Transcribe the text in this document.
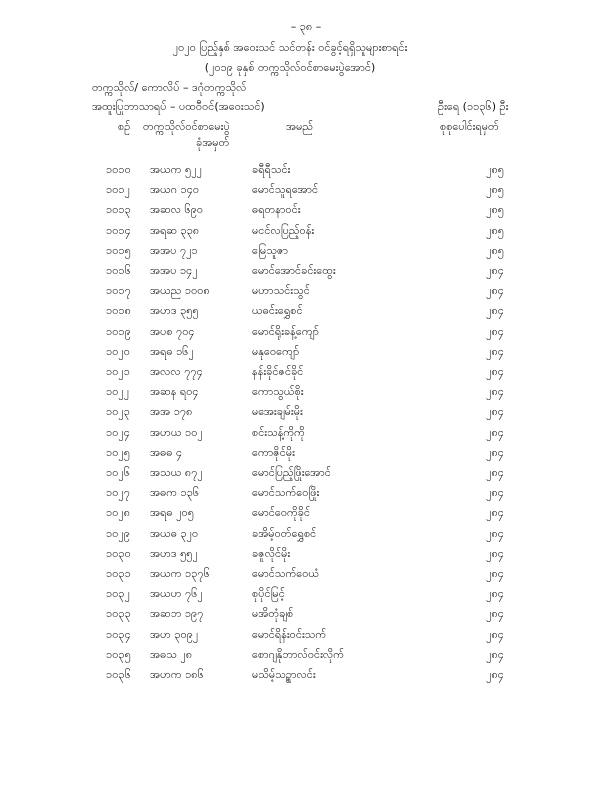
– ၃၈ –
၂၀၂၀ ပြည့်နှစ် အဝေးသင် သင်တန်း ဝင်ခွင့်ရရှိသူများစာရင်း
(၂၀၁၉ ခုနှစ် တက္ကသိုလ်ဝင်စာမေးပွဲအောင်)
တက္ကသိုလ်/ ကောလိပ် – ဒဂုံတက္ကသိုလ်
အထူးပြုဘာသာရပ် – ပထဝီဝင်(အဝေးသင်)	ဦးရေ (၁၁၃၆) ဦး
စဉ် တက္ကသိုလ်ဝင်စာမေးပွဲ	အမည်	စုစုပေါင်းရမှတ်
ခုံအမှတ်
၁၀၁၀ အယက ၅၂၂	ခရီရီသင်း	၂၈၅
၁၀၁၂ အယဂ ၁၄၀	မောင်သူရအောင်	၂၈၅
၁၀၁၃ အဆလ ၆၉၀	ဓရတနာဝင်း	၂၈၅
၁၀၁၄ အရဆ ၃၃၈	မငင်လပြည့်ဝန်း	၂၈၅
၁၀၁၅ အအပ ၇၂၁	မြေသူဇာ	၂၈၅
၁၀၁၆ အအပ ၁၄၂	မောင်အောင်ခင်းထွေး	၂၈၄
၁၀၁၇ အယည ၁၀၀၈	မဟာသင်းသွင်	၂၈၄
၁၀၁၈ အဟဒ ၃၅၅	ယဓင်းရွှေစင်	၂၈၄
၁၀၁၉ အပစ ၇၀၄	မောင်ရိုးခန့်ကျော်	၂၈၄
၁၀၂၀ အရဓ ၁၆၂	မနုဝေကျော်	၂၈၄
၁၀၂၁ အလလ ၇၇၄	နန်းခိုင်ဇင်ခိုင်	၂၈၄
၁၀၂၂ အဆန ရ၀၄	ကောသွယ်စိုး	၂၈၄
၁၀၂၃ အအ ၁၇၈	မအေးချမ်းမိုး	၂၈၄
၁၀၂၄ အဟယ ၁၀၂	စင်းသန့်ကိုကို	၂၈၄
၁၀၂၅ အဓဓ ၄	ကောဇိုင်မိုး	၂၈၄
၁၀၂၆ အသယ ၈၇၂	မောင်ပြည့်ဖြိုးအောင်	၂၈၄
၁၀၂၇ အဓက ၁၃၆	မောင်သက်ဝေဖြိုး	၂၈၄
၁၀၂၈ အရဓ ၂၀၅	မောင်ဝေကိုခိုင်	၂၈၄
၁၀၂၉ အယဓ ၃၂၀	ခအိမ့်ဝတ်ရွှေစင်	၂၈၄
၁၀၃၀ အဟဒ ၅၅၂	ခဇူလိုင်မိုး	၂၈၄
၁၀၃၁ အယက ၁၃၇၆	မောင်သက်ဝေယံ	၂၈၄
၁၀၃၂ အယဟ ၇၆၂	စုပိုင်မြင့်	၂၈၄
၁၀၃၃ အဆဘ ၁၉၇	မအိတုံချစ်	၂၈၄
၁၀၃၄ အဟ ၃၀၉၂	မောင်ရိန်းဝင်းသက်	၂၈၄
၁၀၃၅ အဓသ ၂၈	စောဂျနိုဘာလ်ဝင်းလိုက်	၂၈၄
၁၀၃၆ အဟက ၁၈၆	မသိမ့်သဥ္စာလင်း	၂၈၄
